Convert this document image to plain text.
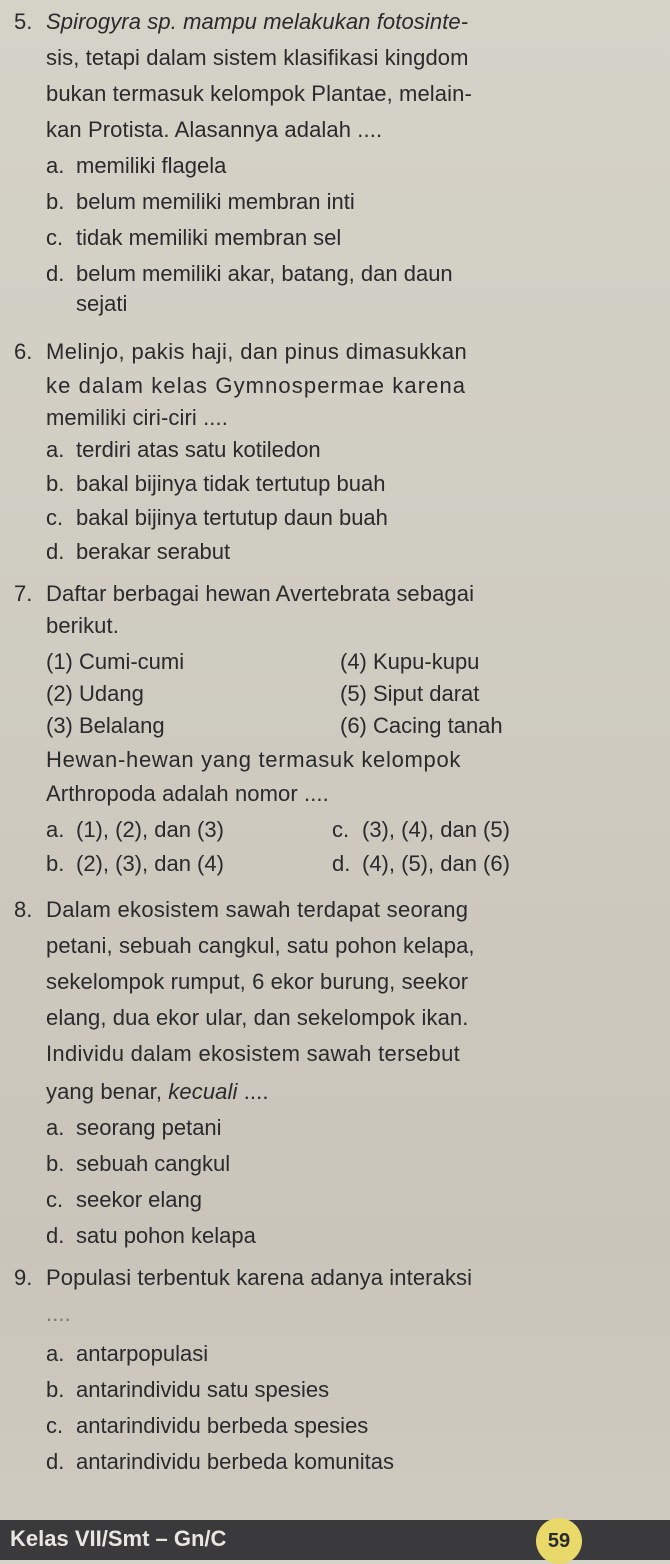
5. Spirogyra sp. mampu melakukan fotosinte-
sis, tetapi dalam sistem klasifikasi kingdom
bukan termasuk kelompok Plantae, melain-
kan Protista. Alasannya adalah ....
a. memiliki flagela
b. belum memiliki membran inti
c. tidak memiliki membran sel
d. belum memiliki akar, batang, dan daun
sejati
6. Melinjo, pakis haji, dan pinus dimasukkan
ke dalam kelas Gymnospermae karena
memiliki ciri-ciri ....
a. terdiri atas satu kotiledon
b. bakal bijinya tidak tertutup buah
c. bakal bijinya tertutup daun buah
d. berakar serabut
7. Daftar berbagai hewan Avertebrata sebagai
berikut.
(1) Cumi-cumi	(4) Kupu-kupu
(2) Udang	(5) Siput darat
(3) Belalang	(6) Cacing tanah
Hewan-hewan yang termasuk kelompok
Arthropoda adalah nomor ....
a. (1), (2), dan (3)	c. (3), (4), dan (5)
b. (2), (3), dan (4)	d. (4), (5), dan (6)
8. Dalam ekosistem sawah terdapat seorang
petani, sebuah cangkul, satu pohon kelapa,
sekelompok rumput, 6 ekor burung, seekor
elang, dua ekor ular, dan sekelompok ikan.
Individu dalam ekosistem sawah tersebut
yang benar, kecuali ....
a. seorang petani
b. sebuah cangkul
c. seekor elang
d. satu pohon kelapa
9. Populasi terbentuk karena adanya interaksi
....
a. antarpopulasi
b. antarindividu satu spesies
c. antarindividu berbeda spesies
d. antarindividu berbeda komunitas
Kelas VII/Smt – Gn/C	59
